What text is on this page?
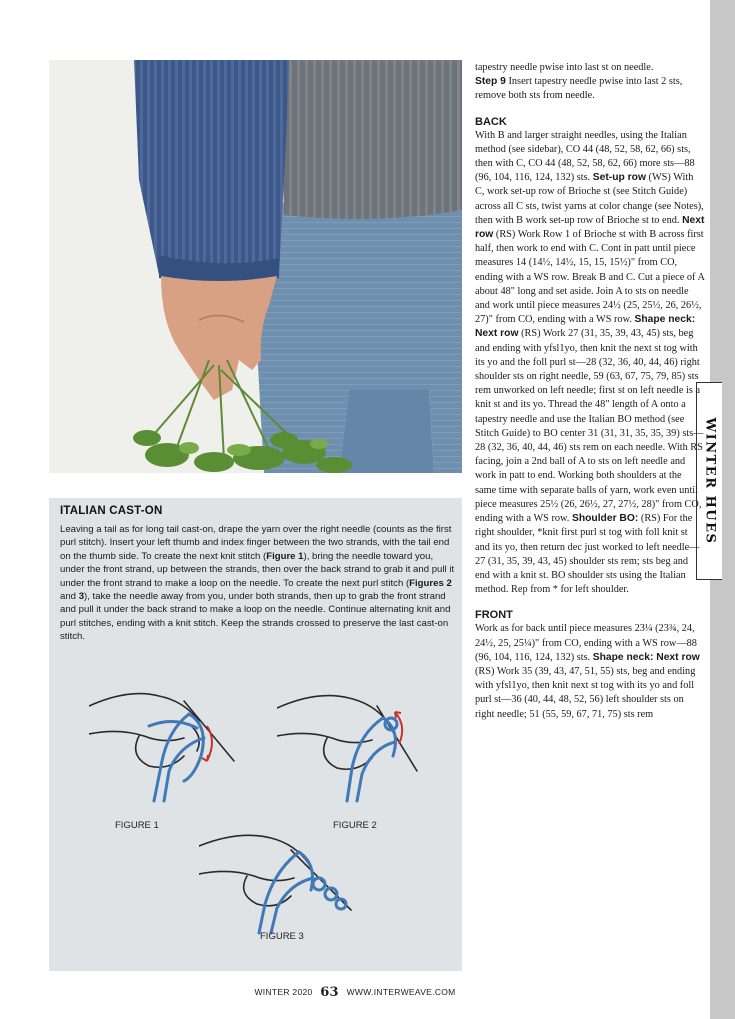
WINTER HUES
ITALIAN CAST-ON

Leaving a tail as for long tail cast-on, drape the yarn over the right needle (counts as the first purl stitch). Insert your left thumb and index finger between the two strands, with the tail end on the thumb side. To create the next knit stitch (Figure 1), bring the needle toward you, under the front strand, up between the strands, then over the back strand to grab it and pull it under the front strand to make a loop on the needle. To create the next purl stitch (Figures 2 and 3), take the needle away from you, under both strands, then up to grab the front strand and pull it under the back strand to make a loop on the needle. Continue alternating knit and purl stitches, ending with a knit stitch. Keep the strands crossed to preserve the last cast-on stitch.

FIGURE 1	FIGURE 2
FIGURE 3

tapestry needle pwise into last st on needle.

Step 9 Insert tapestry needle pwise into last 2 sts, remove both sts from needle.

BACK

With B and larger straight needles, using the Italian method (see sidebar), CO 44 (48, 52, 58, 62, 66) sts, then with C, CO 44 (48, 52, 58, 62, 66) more sts—88 (96, 104, 116, 124, 132) sts. Set-up row (WS) With C, work set-up row of Brioche st (see Stitch Guide) across all C sts, twist yarns at color change (see Notes), then with B work set-up row of Brioche st to end. Next row (RS) Work Row 1 of Brioche st with B across first half, then work to end with C. Cont in patt until piece measures 14 (14½, 14½, 15, 15, 15½)" from CO, ending with a WS row. Break B and C. Cut a piece of A about 48" long and set aside. Join A to sts on needle and work until piece measures 24½ (25, 25½, 26, 26½, 27)" from CO, ending with a WS row. Shape neck: Next row (RS) Work 27 (31, 35, 39, 43, 45) sts, beg and ending with yfsl1yo, then knit the next st tog with its yo and the foll purl st—28 (32, 36, 40, 44, 46) right shoulder sts on right needle, 59 (63, 67, 75, 79, 85) sts rem unworked on left needle; first st on left needle is a knit st and its yo. Thread the 48" length of A onto a tapestry needle and use the Italian BO method (see Stitch Guide) to BO center 31 (31, 31, 35, 35, 39) sts—28 (32, 36, 40, 44, 46) sts rem on each needle. With RS facing, join a 2nd ball of A to sts on left needle and work in patt to end. Working both shoulders at the same time with separate balls of yarn, work even until piece measures 25½ (26, 26½, 27, 27½, 28)" from CO, ending with a WS row. Shoulder BO: (RS) For the right shoulder, *knit first purl st tog with foll knit st and its yo, then return dec just worked to left needle—27 (31, 35, 39, 43, 45) shoulder sts rem; sts beg and end with a knit st. BO shoulder sts using the Italian method. Rep from * for left shoulder.

FRONT

Work as for back until piece measures 23¼ (23¾, 24, 24½, 25, 25¼)" from CO, ending with a WS row—88 (96, 104, 116, 124, 132) sts. Shape neck: Next row (RS) Work 35 (39, 43, 47, 51, 55) sts, beg and ending with yfsl1yo, then knit next st tog with its yo and foll purl st—36 (40, 44, 48, 52, 56) left shoulder sts on right needle; 51 (55, 59, 67, 71, 75) sts rem

WINTER 2020 63 WWW.INTERWEAVE.COM
